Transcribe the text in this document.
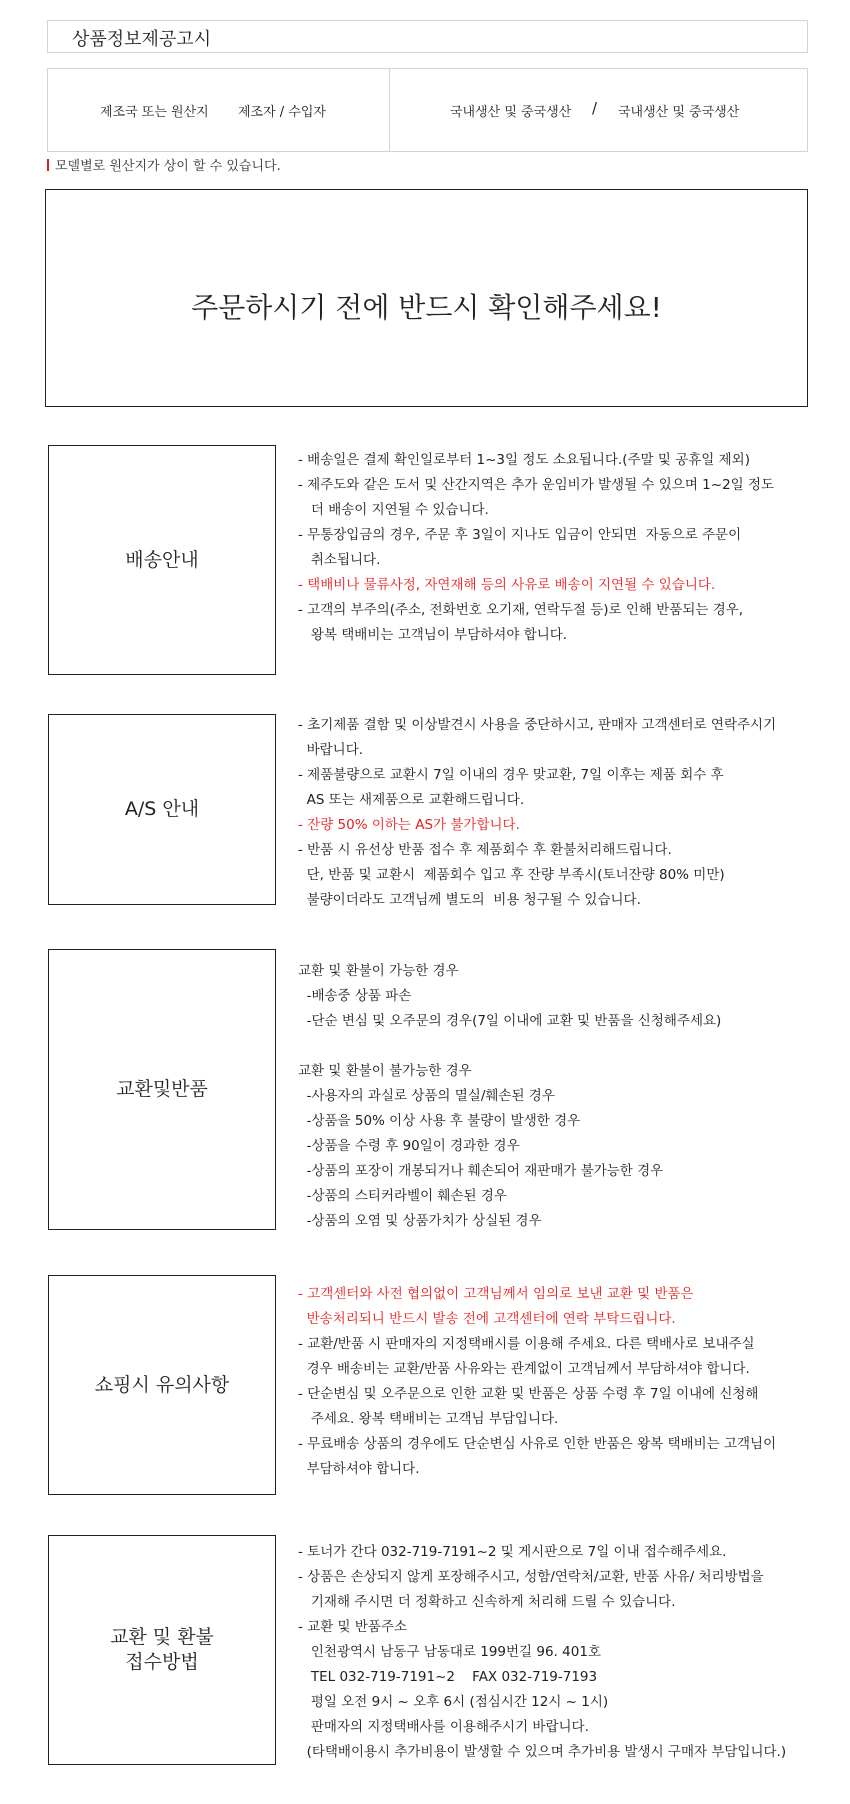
상품정보제공고시
제조국 또는 원산지 제조자 / 수입자	국내생산 및 중국생산 / 국내생산 및 중국생산
모델별로 원산지가 상이 할 수 있습니다.
주문하시기 전에 반드시 확인해주세요!
배송안내
- 배송일은 결제 확인일로부터 1~3일 정도 소요됩니다.(주말 및 공휴일 제외)
- 제주도와 같은 도서 및 산간지역은 추가 운임비가 발생될 수 있으며 1~2일 정도
더 배송이 지연될 수 있습니다.
- 무통장입금의 경우, 주문 후 3일이 지나도 입금이 안되면  자동으로 주문이
취소됩니다.
- 택배비나 물류사정, 자연재해 등의 사유로 배송이 지연될 수 있습니다.
- 고객의 부주의(주소, 전화번호 오기재, 연락두절 등)로 인해 반품되는 경우,
왕복 택배비는 고객님이 부담하셔야 합니다.
A/S 안내
- 초기제품 결함 및 이상발견시 사용을 중단하시고, 판매자 고객센터로 연락주시기
바랍니다.
- 제품불량으로 교환시 7일 이내의 경우 맞교환, 7일 이후는 제품 회수 후
AS 또는 새제품으로 교환해드립니다.
- 잔량 50% 이하는 AS가 불가합니다.
- 반품 시 유선상 반품 접수 후 제품회수 후 환불처리해드립니다.
단, 반품 및 교환시  제품회수 입고 후 잔량 부족시(토너잔량 80% 미만)
불량이더라도 고객님께 별도의  비용 청구될 수 있습니다.
교환및반품
교환 및 환불이 가능한 경우
-배송중 상품 파손
-단순 변심 및 오주문의 경우(7일 이내에 교환 및 반품을 신청해주세요)
교환 및 환불이 불가능한 경우
-사용자의 과실로 상품의 멸실/훼손된 경우
-상품을 50% 이상 사용 후 불량이 발생한 경우
-상품을 수령 후 90일이 경과한 경우
-상품의 포장이 개봉되거나 훼손되어 재판매가 불가능한 경우
-상품의 스티커라벨이 훼손된 경우
-상품의 오염 및 상품가치가 상실된 경우
쇼핑시 유의사항
- 고객센터와 사전 협의없이 고객님께서 임의로 보낸 교환 및 반품은
반송처리되니 반드시 발송 전에 고객센터에 연락 부탁드립니다.
- 교환/반품 시 판매자의 지정택배시를 이용해 주세요. 다른 택배사로 보내주실
경우 배송비는 교환/반품 사유와는 관계없이 고객님께서 부담하셔야 합니다.
- 단순변심 및 오주문으로 인한 교환 및 반품은 상품 수령 후 7일 이내에 신청해
주세요. 왕복 택배비는 고객님 부담입니다.
- 무료배송 상품의 경우에도 단순변심 사유로 인한 반품은 왕복 택배비는 고객님이
부담하셔야 합니다.
교환 및 환불
접수방법
- 토너가 간다 032-719-7191~2 및 게시판으로 7일 이내 접수해주세요.
- 상품은 손상되지 않게 포장해주시고, 성함/연락처/교환, 반품 사유/ 처리방법을
기재해 주시면 더 정확하고 신속하게 처리해 드릴 수 있습니다.
- 교환 및 반품주소
인천광역시 남동구 남동대로 199번길 96. 401호
TEL 032-719-7191~2    FAX 032-719-7193
평일 오전 9시 ~ 오후 6시 (점심시간 12시 ~ 1시)
판매자의 지정택배사를 이용해주시기 바랍니다.
(타택배이용시 추가비용이 발생할 수 있으며 추가비용 발생시 구매자 부담입니다.)
